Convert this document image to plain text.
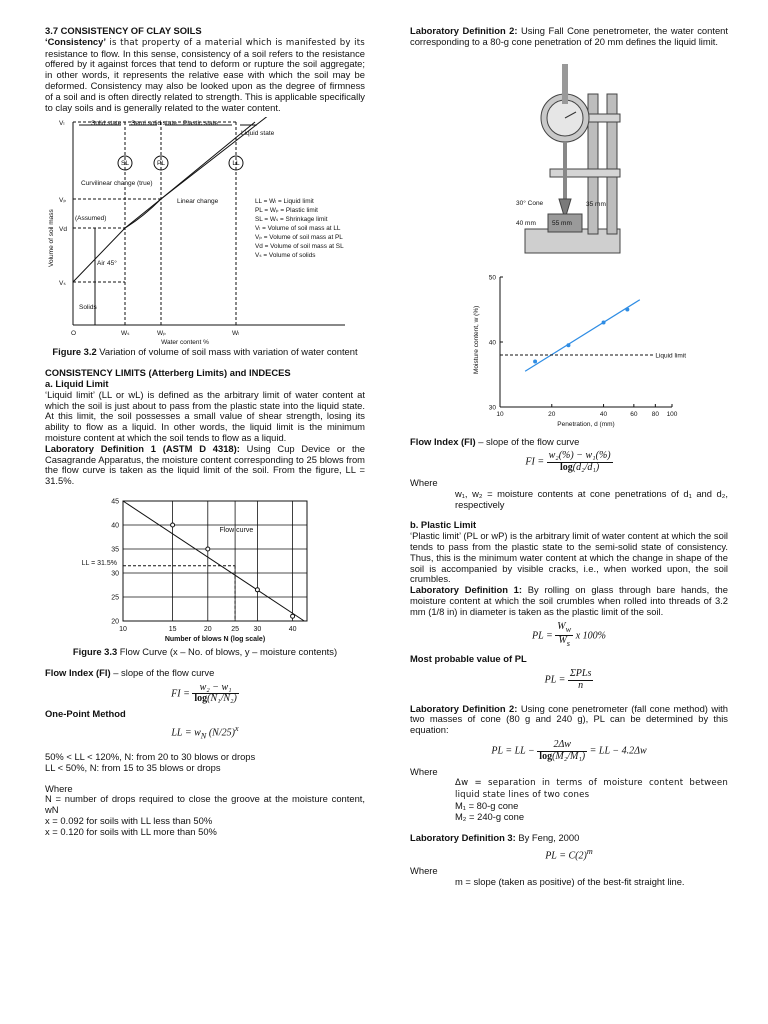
3.7 CONSISTENCY OF CLAY SOILS

‘Consistency’ is that property of a material which is manifested by its resistance to flow. In this sense, consistency of a soil refers to the resistance offered by it against forces that tend to deform or rupture the soil aggregate; in other words, it represents the relative ease with which the soil may be deformed. Consistency may also be looked upon as the degree of firmness of a soil and is often directly related to strength. This is applicable specifically to clay soils and is generally related to the water content.

Vₗ
Vₚ
Vd
Vₛ
O	Wₛ	Wₚ	Wₗ
Water content %
Volume of soil mass
Solid state Semi solid state Plastic state
Liquid state
SL	PL	LL
Curvilinear change (true)
(Assumed)
Linear change
Air 45°
Solids
LL = Wₗ = Liquid limit
PL = Wₚ = Plastic limit
SL = Wₛ = Shrinkage limit
Vₗ = Volume of soil mass at LL
Vₚ = Volume of soil mass at PL
Vd = Volume of soil mass at SL
Vₛ = Volume of solids

Figure 3.2 Variation of volume of soil mass with variation of water content

CONSISTENCY LIMITS (Atterberg Limits) and INDECES

a. Liquid Limit

‘Liquid limit’ (LL or wL) is defined as the arbitrary limit of water content at which the soil is just about to pass from the plastic state into the liquid state. At this limit, the soil possesses a small value of shear strength, losing its ability to flow as a liquid. In other words, the liquid limit is the minimum moisture content at which the soil tends to flow as a liquid.

Laboratory Definition 1 (ASTM D 4318): Using Cup Device or the Casagrande Apparatus, the moisture content corresponding to 25 blows from the flow curve is taken as the liquid limit of the soil. From the figure, LL = 31.5%.

10	15	20	25 30	40
20
25
30
35
40
45
LL = 31.5%
Flow curve
Number of blows N (log scale)

Figure 3.3 Flow Curve (x – No. of blows, y – moisture contents)

Flow Index (FI) – slope of the flow curve

FI = $\frac{\text{w₂ − w₁}}{\text{log(N₁/N₂)}}$

One-Point Method

LL = $w_N$ $(N/25)^x$

50% < LL < 120%, N: from 20 to 30 blows or drops

LL < 50%, N: from 15 to 35 blows or drops

Where

N = number of drops required to close the groove at the moisture content, wN

x = 0.092 for soils with LL less than 50%

x = 0.120 for soils with LL more than 50%

Laboratory Definition 2: Using Fall Cone penetrometer, the water content corresponding to a 80-g cone penetration of 20 mm defines the liquid limit.

30° Cone	35 mm
40 mm 55 mm
10	20	40	60 80 100
30
40
50
Liquid limit
Penetration, d (mm)
Moisture content, w (%)

Flow Index (FI) – slope of the flow curve

FI = $\frac{\text{w₂(\%) − w₁(\%)}}{\text{log(d₂/d₁)}}$

Where

w₁, w₂ = moisture contents at cone penetrations of d₁ and d₂, respectively

b. Plastic Limit

‘Plastic limit’ (PL or wP) is the arbitrary limit of water content at which the soil tends to pass from the plastic state to the semi-solid state of consistency. Thus, this is the minimum water content at which the change in shape of the soil is accompanied by visible cracks, i.e., when worked upon, the soil crumbles.

Laboratory Definition 1: By rolling on glass through bare hands, the moisture content at which the soil crumbles when rolled into threads of 3.2 mm (1/8 in) in diameter is taken as the plastic limit of the soil.

PL = $\frac{W_w}{W_s}$ x 100%

Most probable value of PL

PL = $\frac{\text{ΣPLs}}{n}$

Laboratory Definition 2: Using cone penetrometer (fall cone method) with two masses of cone (80 g and 240 g), PL can be determined by this equation:

PL = LL − $\frac{2\Delta w}{\text{log(M₂/M₁)}}$ = LL − 4.2Δw

Where

Δw = separation in terms of moisture content between liquid state lines of two cones

M₁ = 80-g cone

M₂ = 240-g cone

Laboratory Definition 3: By Feng, 2000

PL = $C(2)^m$

Where

m = slope (taken as positive) of the best-fit straight line.
